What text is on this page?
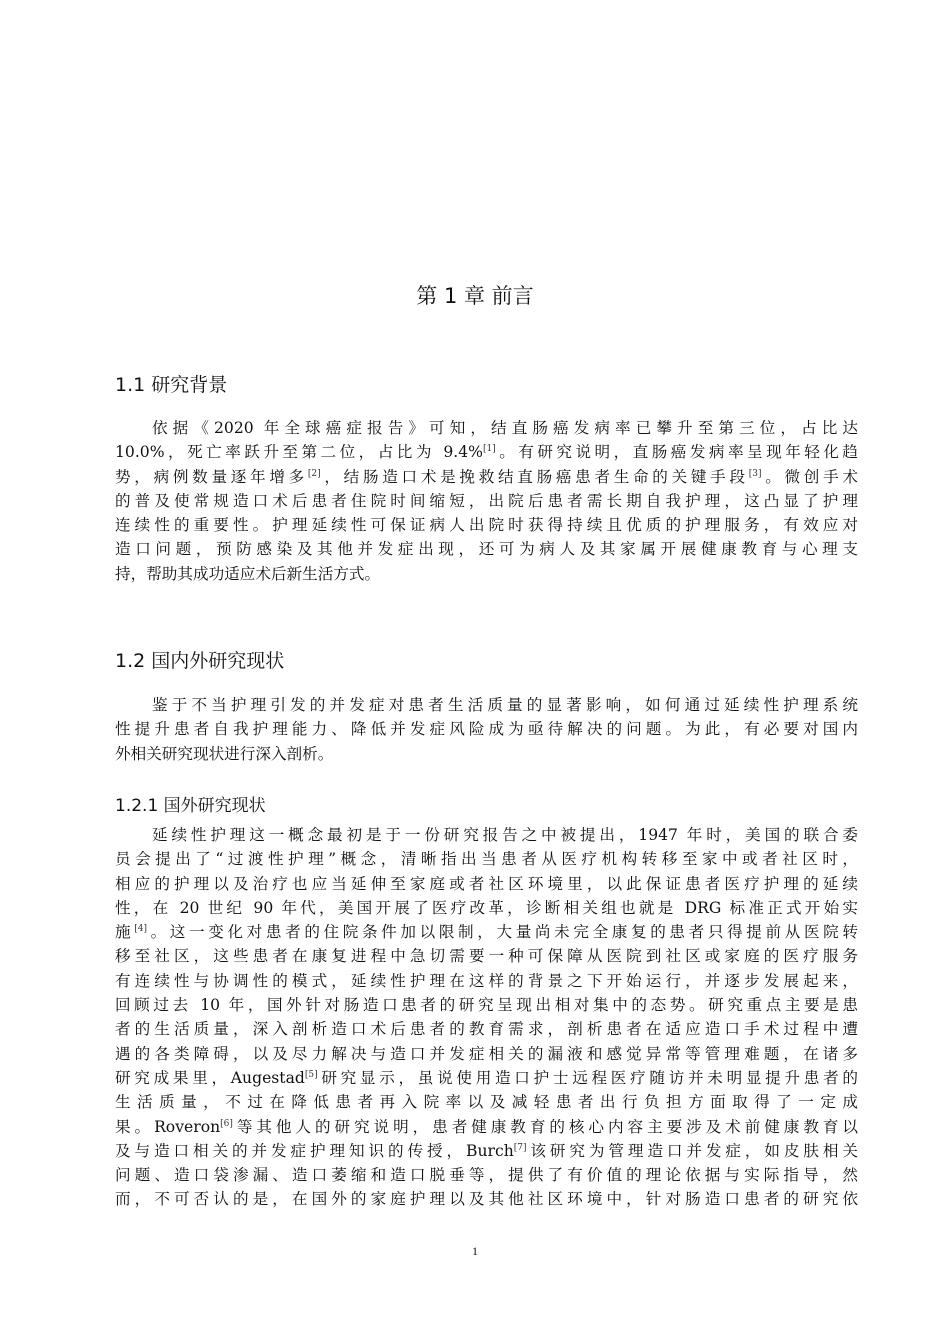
第 1 章 前言
1.1 研究背景
依据《2020 年全球癌症报告》可知，结直肠癌发病率已攀升至第三位，占比达
10.0%，死亡率跃升至第二位，占比为 9.4%[1]。有研究说明，直肠癌发病率呈现年轻化趋
势，病例数量逐年增多[2]，结肠造口术是挽救结直肠癌患者生命的关键手段[3]。微创手术
的普及使常规造口术后患者住院时间缩短，出院后患者需长期自我护理，这凸显了护理
连续性的重要性。护理延续性可保证病人出院时获得持续且优质的护理服务，有效应对
造口问题，预防感染及其他并发症出现，还可为病人及其家属开展健康教育与心理支
持，帮助其成功适应术后新生活方式。
1.2 国内外研究现状
鉴于不当护理引发的并发症对患者生活质量的显著影响，如何通过延续性护理系统
性提升患者自我护理能力、降低并发症风险成为亟待解决的问题。为此，有必要对国内
外相关研究现状进行深入剖析。
1.2.1 国外研究现状
延续性护理这一概念最初是于一份研究报告之中被提出，1947 年时，美国的联合委
员会提出了“过渡性护理”概念，清晰指出当患者从医疗机构转移至家中或者社区时，
相应的护理以及治疗也应当延伸至家庭或者社区环境里，以此保证患者医疗护理的延续
性，在 20 世纪 90 年代，美国开展了医疗改革，诊断相关组也就是 DRG 标准正式开始实
施[4]。这一变化对患者的住院条件加以限制，大量尚未完全康复的患者只得提前从医院转
移至社区，这些患者在康复进程中急切需要一种可保障从医院到社区或家庭的医疗服务
有连续性与协调性的模式，延续性护理在这样的背景之下开始运行，并逐步发展起来，
回顾过去 10 年，国外针对肠造口患者的研究呈现出相对集中的态势。研究重点主要是患
者的生活质量，深入剖析造口术后患者的教育需求，剖析患者在适应造口手术过程中遭
遇的各类障碍，以及尽力解决与造口并发症相关的漏液和感觉异常等管理难题，在诸多
研究成果里，Augestad[5]研究显示，虽说使用造口护士远程医疗随访并未明显提升患者的
生活质量，不过在降低患者再入院率以及减轻患者出行负担方面取得了一定成
果。Roveron[6]等其他人的研究说明，患者健康教育的核心内容主要涉及术前健康教育以
及与造口相关的并发症护理知识的传授，Burch[7]该研究为管理造口并发症，如皮肤相关
问题、造口袋渗漏、造口萎缩和造口脱垂等，提供了有价值的理论依据与实际指导，然
而，不可否认的是，在国外的家庭护理以及其他社区环境中，针对肠造口患者的研究依
1
